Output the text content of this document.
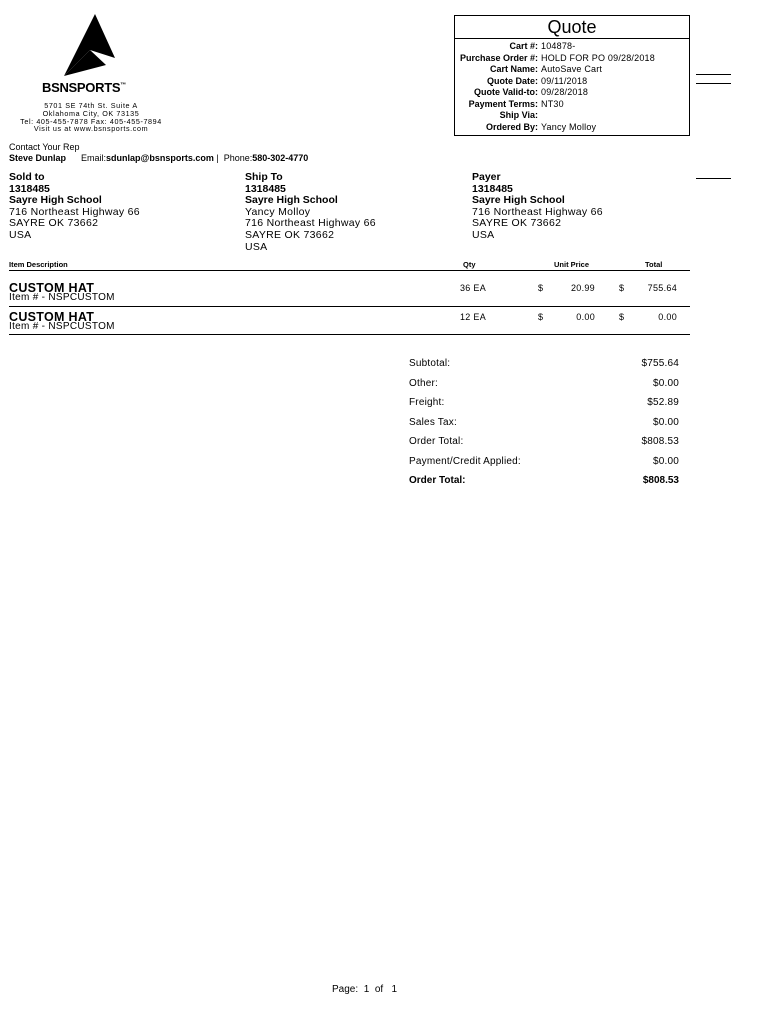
BSNSPORTS™
5701 SE 74th St. Suite A
Oklahoma City, OK 73135
Tel: 405-455-7878 Fax: 405-455-7894
Visit us at www.bsnsports.com
Quote
Cart #: 104878-
Purchase Order #: HOLD FOR PO 09/28/2018
Cart Name: AutoSave Cart
Quote Date: 09/11/2018
Quote Valid-to: 09/28/2018
Payment Terms: NT30
Ship Via:
Ordered By: Yancy Molloy
Contact Your Rep
Steve Dunlap Email:sdunlap@bsnsports.com | Phone:580-302-4770
Sold to
1318485
Sayre High School
716 Northeast Highway 66
SAYRE OK 73662
USA
Ship To
1318485
Sayre High School
Yancy Molloy
716 Northeast Highway 66
SAYRE OK 73662
USA
Payer
1318485
Sayre High School
716 Northeast Highway 66
SAYRE OK 73662
USA
Item Description	Qty	Unit Price	Total
CUSTOM HAT
Item # - NSPCUSTOM
36 EA	$	20.99	$	755.64
CUSTOM HAT
Item # - NSPCUSTOM
12 EA	$	0.00	$	0.00
Subtotal:	$755.64
Other:	$0.00
Freight:	$52.89
Sales Tax:	$0.00
Order Total:	$808.53
Payment/Credit Applied:	$0.00
Order Total:	$808.53
Page: 1 of 1
